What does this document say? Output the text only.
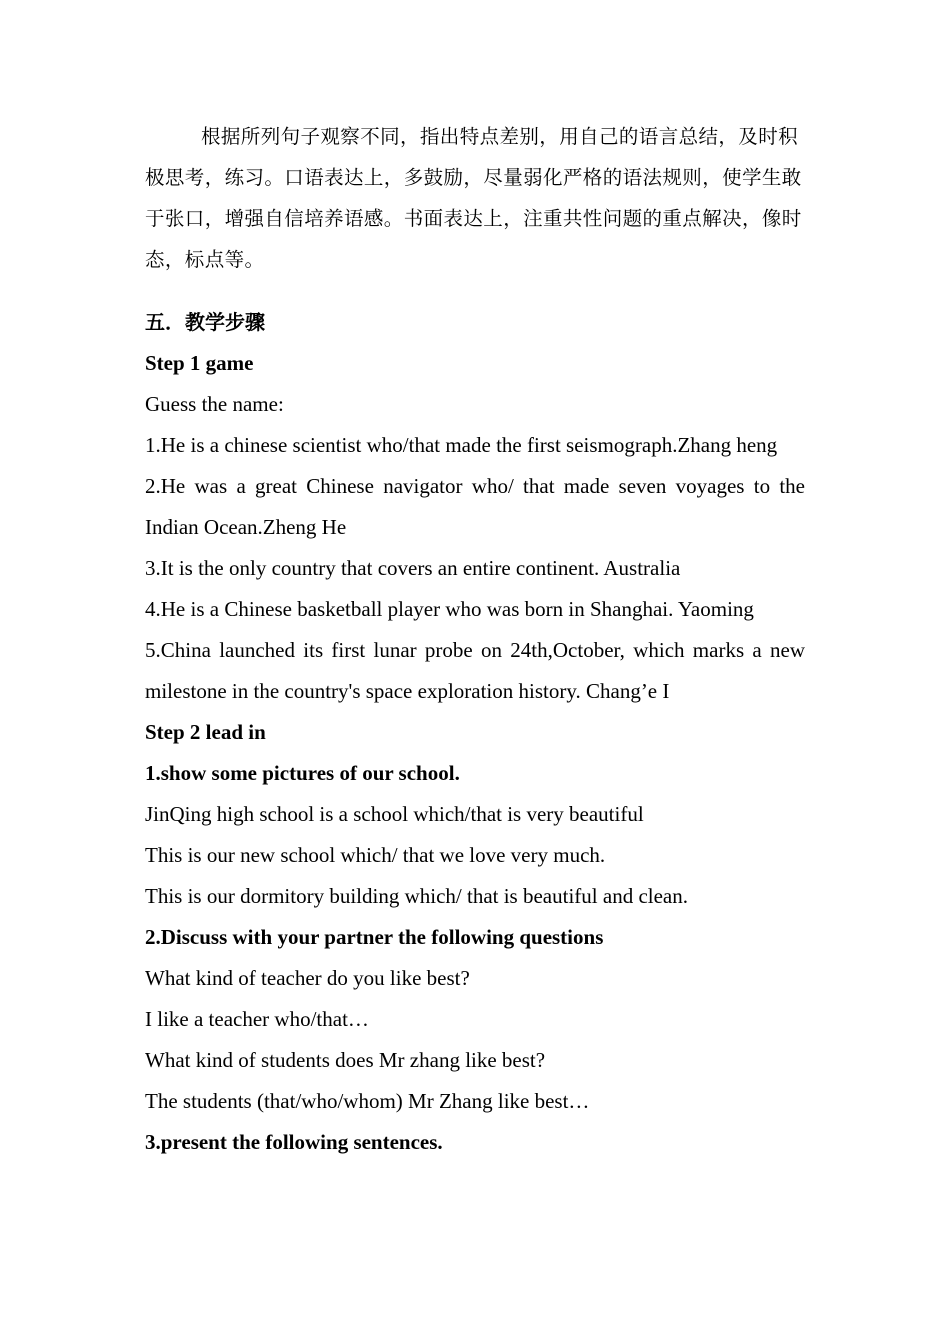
根据所列句子观察不同，指出特点差别，用自己的语言总结，及时积极思考，练习。口语表达上，多鼓励，尽量弱化严格的语法规则，使学生敢于张口，增强自信培养语感。书面表达上，注重共性问题的重点解决，像时态，标点等。

五．教学步骤

Step 1 game

Guess the name:

1.He is a chinese scientist who/that made the first seismograph.Zhang heng

2.He was a great Chinese navigator who/ that made seven voyages to the Indian Ocean.Zheng He

3.It is the only country that covers an entire continent. Australia

4.He is a Chinese basketball player who was born in Shanghai. Yaoming

5.China launched its first lunar probe on 24th,October, which marks a new milestone in the country's space exploration history. Chang’e I

Step 2 lead in

1.show some pictures of our school.

JinQing high school is a school which/that is very beautiful

This is our new school which/ that we love very much.

This is our dormitory building which/ that is beautiful and clean.

2.Discuss with your partner the following questions

What kind of teacher do you like best?

I like a teacher who/that…

What kind of students does Mr zhang like best?

The students (that/who/whom) Mr Zhang like best…

3.present the following sentences.
